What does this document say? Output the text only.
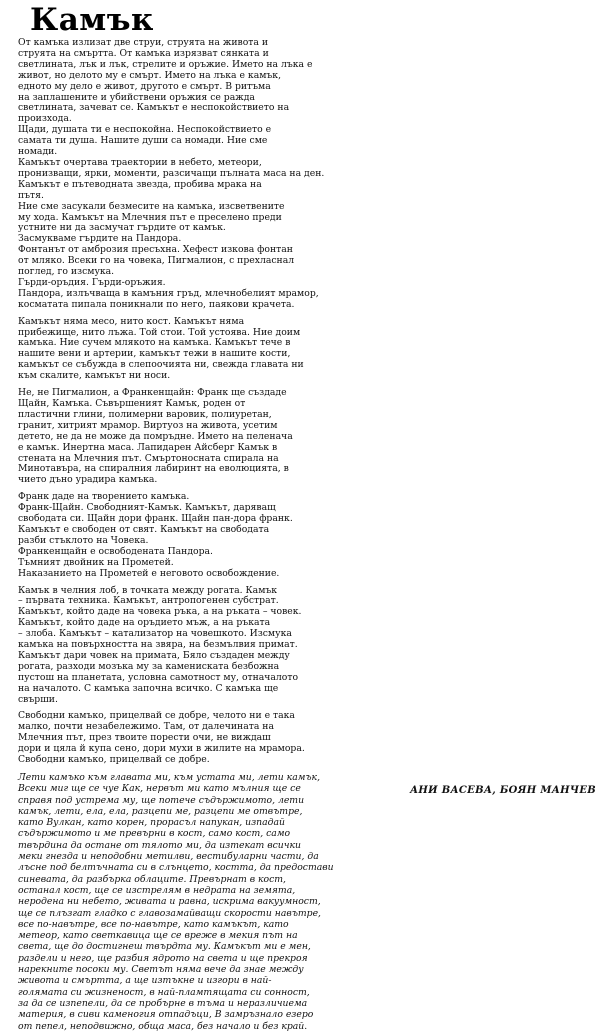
Камък

От камъка излизат две струи, струята на живота и

струята на смъртта. От камъка изрязват сянката и

светлината, лък и лък, стрелите и оръжие. Името на лъка е

живот, но делото му е смърт. Името на лъка е камък,

едното му дело е живот, другото е смърт. В ритъма

на заплашените и убийствени оръжия се ражда

светлината, зачеват се. Камъкът е неспокойствието на

произхода.

Щади, душата ти е неспокойна. Неспокойствието е

самата ти душа. Нашите души са номади. Ние сме

номади.

Камъкът очертава траектории в небето, метеори,

пронизващи, ярки, моменти, разсичащи пълната маса на ден.

Камъкът е пътеводната звезда, пробива мрака на

пътя.

Ние сме засукали безмесите на камъка, изсветвените

му хода. Камъкът на Млечния път е преселено преди

устните ни да засмучат гърдите от камък.

Засмукваме гърдите на Пандора.

Фонтанът от амброзия пресъхна. Хефест изкова фонтан

от мляко. Всеки го на човека, Пигмалион, с прехласнал

поглед, го изсмука.

Гърди-оръдия. Гърди-оръжия.

Пандора, излъчваща в камъния гръд, млечнобелият мрамор,

косматата пипала поникнали по него, паякови крачета.

Камъкът няма месо, нито кост. Камъкът няма

прибежище, нито лъжа. Той стои. Той устоява. Ние доим

камъка. Ние сучем млякото на камъка. Камъкът тече в

нашите вени и артерии, камъкът тежи в нашите кости,

камъкът се събужда в слепоочията ни, свежда главата ни

към скалите, камъкът ни носи.

Не, не Пигмалион, а Франкенщайн: Франк ще създаде

Щайн, Камъка. Съвършеният Камък, роден от

пластични глини, полимерни варовик, полиуретан,

гранит, хитрият мрамор. Виртуоз на живота, усетим

детето, не да не може да помръдне. Името на пеленача

е камък. Инертна маса. Лапидарен Айсберг Камък в

стената на Млечния път. Смъртоносната спирала на

Минотавъра, на спиралния лабиринт на еволюцията, в

чието дъно урадира камъка.

Франк даде на творението камъка.

Франк-Щайн. Свободният-Камък. Камъкът, даряващ

свободата си. Щайн дори франк. Щайн пан-дора франк.

Камъкът е свободен от свят. Камъкът на свободата

разби стъклото на Човека.

Франкенщайн е освободената Пандора.

Тъмният двойник на Прометей.

Наказанието на Прометей е неговото освобождение.

Камък в челния лоб, в точката между рогата. Камък

– първата техника. Камъкът, антропогенен субстрат.

Камъкът, който даде на човека ръка, а на ръката – човек.

Камъкът, който даде на оръдието мъж, а на ръката

– злоба. Камъкът – катализатор на човешкото. Изсмука

камъка на повърхността на звяра, на безмълвия примат.

Камъкът дари човек на примата, Бяло създаден между

рогата, разходи мозъка му за камениската безбожна

пустош на планетата, условна самотност му, отначалото

на началото. С камъка започна всичко. С камъка ще

свърши.

Свободни камъко, прицелвай се добре, челото ни е така

малко, почти незабележимо. Там, от далечината на

Млечния път, през твоите порести очи, не виждаш

дори и цяла й купа сено, дори мухи в жилите на мрамора.

Свободни камъко, прицелвай се добре.

Лети камъко към главата ми, към устата ми, лети камък,

Всеки миг ще се чуе Как, нервът ми като мълния ще се

справя под устрема му, ще потече съдържимото, лети

камък, лети, ела, ела, разцепи ме, разцепи ме отвътре,

като Вулкан, като корен, прорасъл напукан, изпадай

съдържимото и ме превърни в кост, само кост, само

твърдина да остане от тялото ми, да изтекат всички

меки гнезда и неподобни метилви, вестибуларни части, да

лъсне под белтъчната си в слънцето, костта, да предостави

синевата, да разбърка облаците. Превърнат в кост,

останал кост, ще се изстрелям в недрата на земята,

неродена ни небето, живата и равна, искрима вакуумност,

ще се плъзгат гладко с главозамайващи скорости навътре,

все по-навътре, все по-навътре, като камъкът, като

метеор, като светкавица ще се вреже в мекия път на

света, ще до достигнеш твърдта му. Камъкът ми е мен,

раздели и него, ще разбия ядрото на света и ще прекроя

нарекните посоки му. Светът няма вече да знае между

живота и смъртта, а ще изтъкне и изгори в най-

голямата си жизненост, в най-пламтящата си сонност,

за да се изпепели, да се пробърне в тъма и неразличиема

материя, в сиви каменогия отпадъци, В замръзнало езеро

от пепел, неподвижно, обща маса, без начало и без край.

АНИ ВАСЕВА, БОЯН МАНЧЕВ
